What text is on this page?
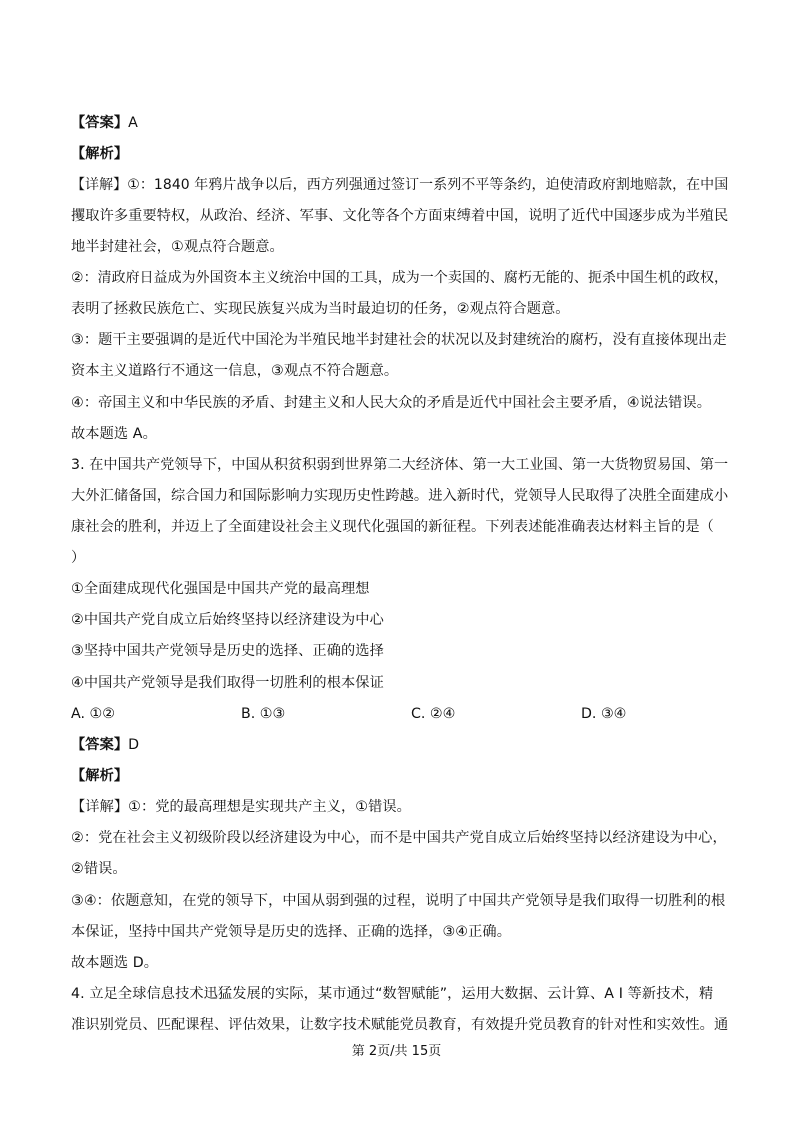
【答案】A
【解析】
【详解】①：1840 年鸦片战争以后，西方列强通过签订一系列不平等条约，迫使清政府割地赔款，在中国
攫取许多重要特权，从政治、经济、军事、文化等各个方面束缚着中国，说明了近代中国逐步成为半殖民
地半封建社会，①观点符合题意。
②：清政府日益成为外国资本主义统治中国的工具，成为一个卖国的、腐朽无能的、扼杀中国生机的政权，
表明了拯救民族危亡、实现民族复兴成为当时最迫切的任务，②观点符合题意。
③：题干主要强调的是近代中国沦为半殖民地半封建社会的状况以及封建统治的腐朽，没有直接体现出走
资本主义道路行不通这一信息，③观点不符合题意。
④：帝国主义和中华民族的矛盾、封建主义和人民大众的矛盾是近代中国社会主要矛盾，④说法错误。
故本题选 A。
3. 在中国共产党领导下，中国从积贫积弱到世界第二大经济体、第一大工业国、第一大货物贸易国、第一
大外汇储备国，综合国力和国际影响力实现历史性跨越。进入新时代，党领导人民取得了决胜全面建成小
康社会的胜利，并迈上了全面建设社会主义现代化强国的新征程。下列表述能准确表达材料主旨的是（
）
①全面建成现代化强国是中国共产党的最高理想
②中国共产党自成立后始终坚持以经济建设为中心
③坚持中国共产党领导是历史的选择、正确的选择
④中国共产党领导是我们取得一切胜利的根本保证
A. ①②	B. ①③	C. ②④	D. ③④
【答案】D
【解析】
【详解】①：党的最高理想是实现共产主义，①错误。
②：党在社会主义初级阶段以经济建设为中心，而不是中国共产党自成立后始终坚持以经济建设为中心，
②错误。
③④：依题意知，在党的领导下，中国从弱到强的过程，说明了中国共产党领导是我们取得一切胜利的根
本保证，坚持中国共产党领导是历史的选择、正确的选择，③④正确。
故本题选 D。
4. 立足全球信息技术迅猛发展的实际，某市通过“数智赋能”，运用大数据、云计算、A I 等新技术，精
准识别党员、匹配课程、评估效果，让数字技术赋能党员教育，有效提升党员教育的针对性和实效性。通
第 2页/共 15页
